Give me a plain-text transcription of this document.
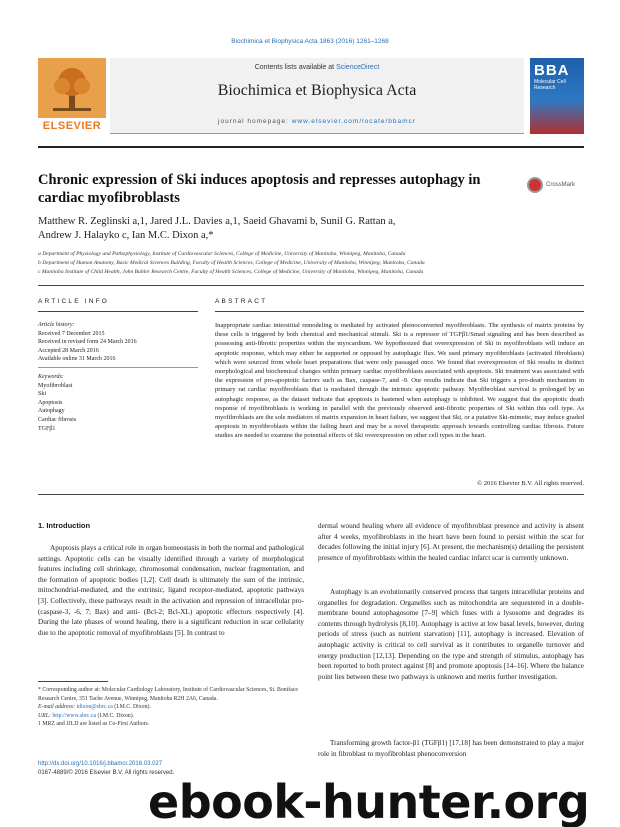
Biochimica et Biophysica Acta 1863 (2016) 1261–1268
ELSEVIER
Contents lists available at ScienceDirect
Biochimica et Biophysica Acta
journal homepage: www.elsevier.com/locate/bbamcr
BBA
Molecular Cell Research
Chronic expression of Ski induces apoptosis and represses autophagy in cardiac myofibroblasts
CrossMark
Matthew R. Zeglinski a,1, Jared J.L. Davies a,1, Saeid Ghavami b, Sunil G. Rattan a,
Andrew J. Halayko c, Ian M.C. Dixon a,*
a Department of Physiology and Pathophysiology, Institute of Cardiovascular Sciences, College of Medicine, University of Manitoba, Winnipeg, Manitoba, Canada
b Department of Human Anatomy, Basic Medical Sciences Building, Faculty of Health Sciences, College of Medicine, University of Manitoba, Winnipeg, Manitoba, Canada
c Manitoba Institute of Child Health, John Buhler Research Centre, Faculty of Health Sciences, College of Medicine, University of Manitoba, Winnipeg, Manitoba, Canada
ARTICLE INFO	ABSTRACT
Article history:
Received 7 December 2015
Received in revised form 24 March 2016
Accepted 28 March 2016
Available online 31 March 2016
Keywords:
Myofibroblast
Ski
Apoptosis
Autophagy
Cardiac fibrosis
TGFβ1

Inappropriate cardiac interstitial remodeling is mediated by activated phenoconverted myofibroblasts. The synthesis of matrix proteins by these cells is triggered by both chemical and mechanical stimuli. Ski is a repressor of TGFβ1/Smad signaling and has been described as possessing anti-fibrotic properties within the myocardium. We hypothesized that overexpression of Ski in myofibroblasts will induce an apoptotic response, which may either be supported or opposed by autophagic flux. We used primary myofibroblasts (activated fibroblasts) which were sourced from whole heart preparations that were only passaged once. We found that overexpression of Ski results in distinct morphological and biochemical changes within primary cardiac myofibroblasts associated with apoptosis. Ski treatment was associated with the expression of pro-apoptotic factors such as Bax, caspase-7, and -9. Our results indicate that Ski triggers a pro-death mechanism in primary rat cardiac myofibroblasts that is mediated through the intrinsic apoptotic pathway. Myofibroblast survival is prolonged by an autophagic response, as the dataset indicate that apoptosis is hastened when autophagy is inhibited. We suggest that the apoptotic death response of myofibroblasts is working in parallel with the previously observed anti-fibrotic properties of Ski within this cell type. As myofibroblasts are the sole mediators of matrix expansion in heart failure, we suggest that Ski, or a putative Ski-mimetic, may induce graded apoptosis in myofibroblasts within the failing heart and may be a novel therapeutic approach towards controlling cardiac fibrosis. Future studies are needed to examine the potential effects of Ski overexpression on other cell types in the heart.

© 2016 Elsevier B.V. All rights reserved.
1. Introduction

Apoptosis plays a critical role in organ homeostasis in both the normal and pathological settings. Apoptotic cells can be visually identified through a variety of morphological features including cell shrinkage, chromosomal condensation, nuclear fragmentation, and the formation of apoptotic bodies [1,2]. Cell death is ultimately the sum of the intrinsic, mitochondrial-mediated, and the extrinsic, ligand receptor-mediated, apoptotic pathways [3]. Collectively, these pathways result in the activation and repression of intracellular pro- (caspase-3, -6, 7; Bax) and anti- (Bcl-2; Bcl-XL) apoptotic effectors respectively [4]. During the late phases of wound healing, there is a significant reduction in scar cellularity due to the apoptotic removal of myofibroblasts [5]. In contrast to

dermal wound healing where all evidence of myofibroblast presence and activity is absent after 4 weeks, myofibroblasts in the heart have been found to persist within the scar for decades following the initial injury [6]. At present, the mechanism(s) detailing the persistent presence of myofibroblasts within the healed cardiac infarct scar is currently unknown.

Autophagy is an evolutionarily conserved process that targets intracellular proteins and organelles for degradation. Organelles such as mitochondria are sequestered in a double-membrane bound autophagosome [7–9] which fuses with a lysosome and degrades its contents through hydrolysis [8,10]. Autophagy is active at low basal levels, however, during periods of stress (such as nutrient starvation) [11], autophagy is increased. Elevation of autophagic activity is critical to cell survival as it contributes to organelle turnover and energy production [12,13]. Depending on the type and strength of stimulus, autophagy has been reported to both protect against [8] and promote apoptosis [14–16]. Where the balance point lies between these two pathways is unknown and merits further investigation.

Transforming growth factor-β1 (TGFβ1) [17,18] has been demonstrated to play a major role in fibroblast to myofibroblast phenoconversion

* Corresponding author at: Molecular Cardiology Laboratory, Institute of Cardiovascular Sciences, St. Boniface Research Centre, 351 Tache Avenue, Winnipeg, Manitoba R2H 2A6, Canada.
E-mail address: idixon@sbrc.ca (I.M.C. Dixon).
URL: http://www.sbrc.ca (I.M.C. Dixon).
1 MRZ and JJLD are listed as Co-First Authors.
http://dx.doi.org/10.1016/j.bbamcr.2016.03.027
0167-4889/© 2016 Elsevier B.V. All rights reserved.
ebook-hunter.org
